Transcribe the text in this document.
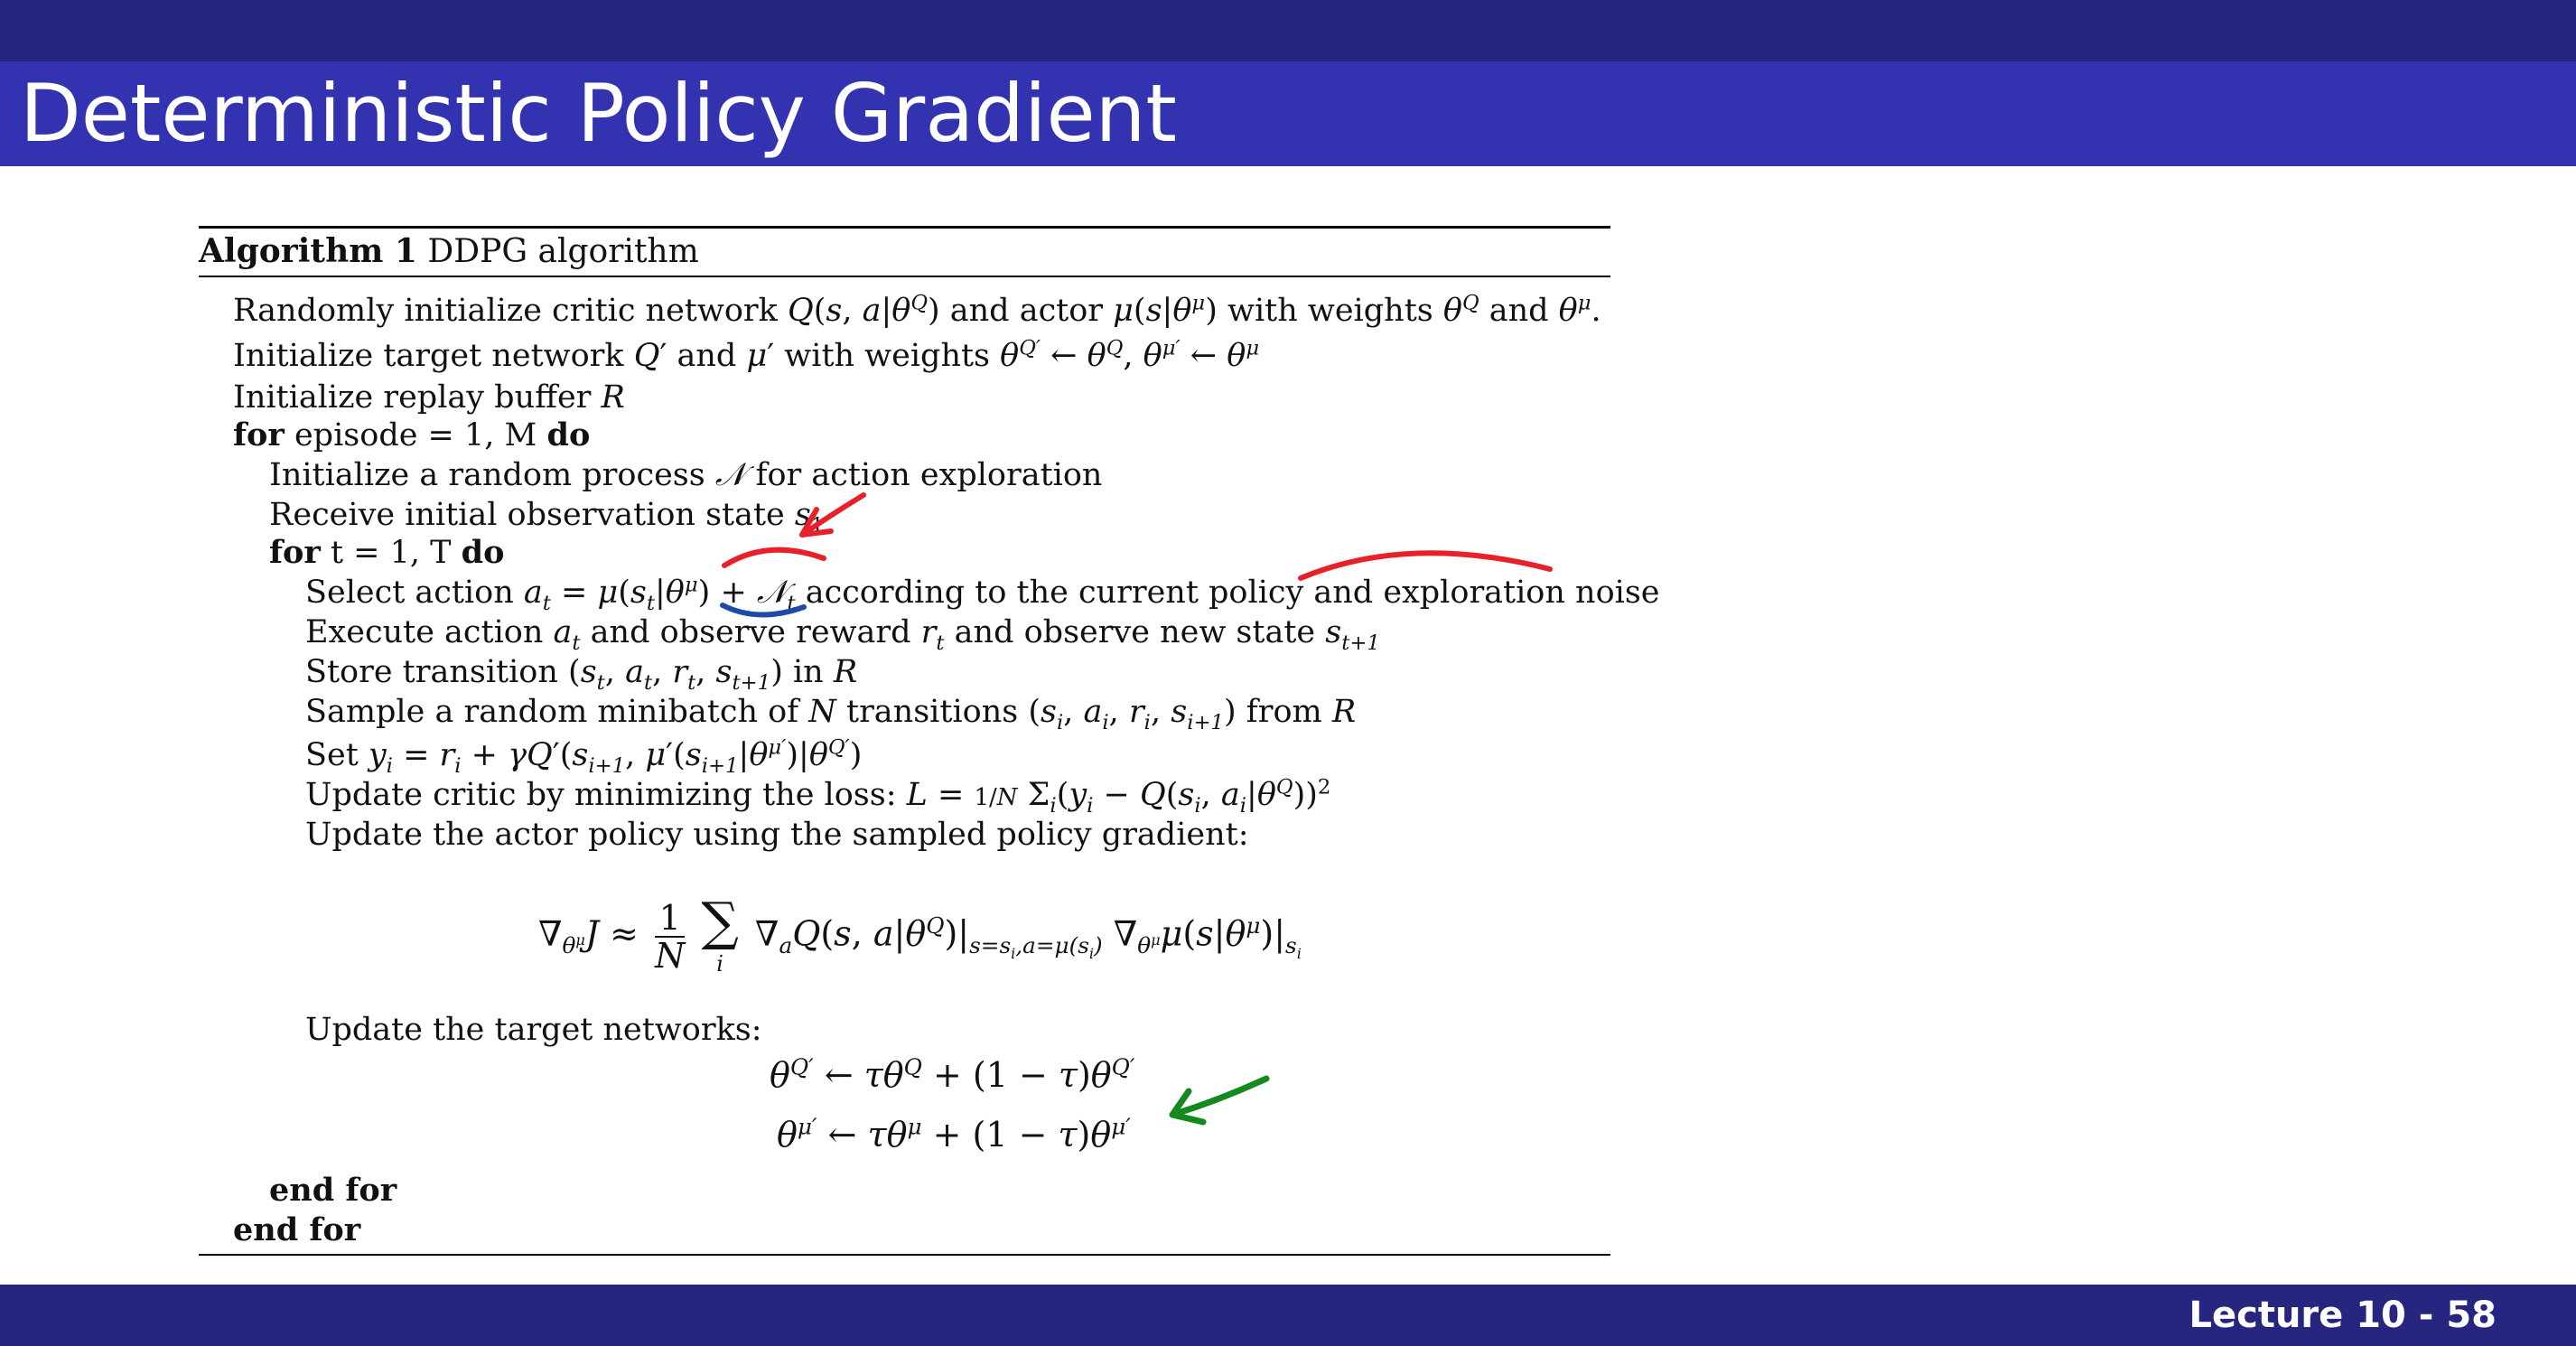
Deterministic Policy Gradient
Algorithm 1 DDPG algorithm
Randomly initialize critic network Q(s, $a|\theta^Q$) and actor $\mu(s|\theta^\mu)$ with weights $\theta^Q$ and $\theta^\mu$.
Initialize target network Q′ and μ′ with weights $\theta^{Q'}$ ← $\theta^Q$, $\theta^{\mu'}$ ← $\theta^\mu$
Initialize replay buffer R
for episode = 1, M do
Initialize a random process 𝒩 for action exploration
Receive initial observation state $s_1$
for t = 1, T do
Select action $a_t = \mu(s_t|\theta^\mu)$ + 𝒩$_t$ according to the current policy and exploration noise
Execute action $a_t$ and observe reward $r_t$ and observe new state $s_{t+1}$
Store transition ($s_t$, $a_t$, $r_t$, $s_{t+1}$) in R
Sample a random minibatch of N transitions ($s_i$, $a_i$, $r_i$, $s_{i+1}$) from R
Set $y_i = r_i + \gamma Q'(s_{i+1}$, $\mu'(s_{i+1}|\theta^{\mu'})|\theta^{Q'}$)
Update critic by minimizing the loss: L = 1/N $\Sigma_i(y_i - Q(s_i$, $a_i|\theta^Q))^2$
Update the actor policy using the sampled policy gradient:
$\nabla_{\theta^\mu}J \approx \frac{1}{N}$
∑
i
$\nabla_aQ(s$, $a|\theta^Q)|_{s=s_i,a=\mu(s_i)}$ $\nabla_{\theta^\mu}\mu(s|\theta^\mu)|_{s_i}$
Update the target networks:
$\theta^{Q'}$ ← $\tau\theta^Q + (1 - \tau)\theta^{Q'}$
$\theta^{\mu'}$ ← $\tau\theta^\mu + (1 - \tau)\theta^{\mu'}$
end for
end for
Lecture 10 - 58
